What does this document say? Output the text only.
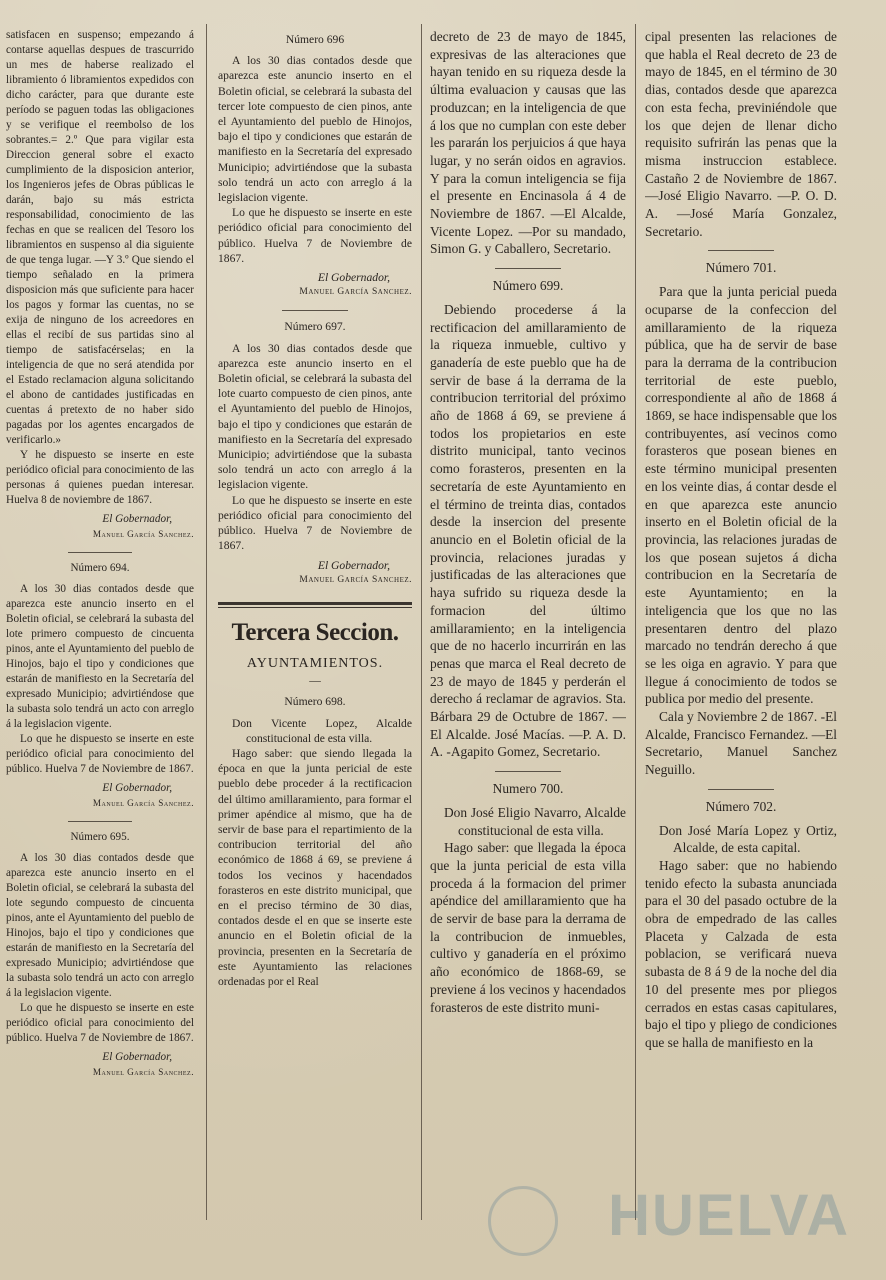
satisfacen en suspenso; empezando á contarse aquellas despues de trascurrido un mes de haberse realizado el libramiento ó libramientos expedidos con dicho carácter, para que durante este período se paguen todas las obligaciones y se verifique el reembolso de los sobrantes.= 2.º Que para vigilar esta Direccion general sobre el exacto cumplimiento de la disposicion anterior, los Ingenieros jefes de Obras públicas le darán, bajo su más estricta responsabilidad, conocimiento de las fechas en que se realicen del Tesoro los libramientos en suspenso al dia siguiente de que tenga lugar. —Y 3.º Que siendo el tiempo señalado en la primera disposicion más que suficiente para hacer los pagos y formar las cuentas, no se exija de ninguno de los acreedores en ellas el recibí de sus partidas sino al tiempo de satisfacérselas; en la inteligencia de que no será atendida por el Estado reclamacion alguna solicitando el abono de cantidades justificadas en cuentas á pretexto de no haber sido pagadas por los agentes encargados de verificarlo.»

Y he dispuesto se inserte en este periódico oficial para conocimiento de las personas á quienes puedan interesar. Huelva 8 de noviembre de 1867.

El Gobernador,

Manuel García Sanchez.

Número 694.

A los 30 dias contados desde que aparezca este anuncio inserto en el Boletin oficial, se celebrará la subasta del lote primero compuesto de cincuenta pinos, ante el Ayuntamiento del pueblo de Hinojos, bajo el tipo y condiciones que estarán de manifiesto en la Secretaría del expresado Municipio; advirtiéndose que la subasta solo tendrá un acto con arreglo á la legislacion vigente.

Lo que he dispuesto se inserte en este periódico oficial para conocimiento del público. Huelva 7 de Noviembre de 1867.

El Gobernador,

Manuel García Sanchez.

Número 695.

A los 30 dias contados desde que aparezca este anuncio inserto en el Boletin oficial, se celebrará la subasta del lote segundo compuesto de cincuenta pinos, ante el Ayuntamiento del pueblo de Hinojos, bajo el tipo y condiciones que estarán de manifiesto en la Secretaría del expresado Municipio; advirtiéndose que la subasta solo tendrá un acto con arreglo á la legislacion vigente.

Lo que he dispuesto se inserte en este periódico oficial para conocimiento del público. Huelva 7 de Noviembre de 1867.

El Gobernador,

Manuel García Sanchez.

Número 696

A los 30 dias contados desde que aparezca este anuncio inserto en el Boletin oficial, se celebrará la subasta del tercer lote compuesto de cien pinos, ante el Ayuntamiento del pueblo de Hinojos, bajo el tipo y condiciones que estarán de manifiesto en la Secretaría del expresado Municipio; advirtiéndose que la subasta solo tendrá un acto con arreglo á la legislacion vigente.

Lo que he dispuesto se inserte en este periódico oficial para conocimiento del público. Huelva 7 de Noviembre de 1867.

El Gobernador,

Manuel García Sanchez.

Número 697.

A los 30 dias contados desde que aparezca este anuncio inserto en el Boletin oficial, se celebrará la subasta del lote cuarto compuesto de cien pinos, ante el Ayuntamiento del pueblo de Hinojos, bajo el tipo y condiciones que estarán de manifiesto en la Secretaría del expresado Municipio; advirtiéndose que la subasta solo tendrá un acto con arreglo á la legislacion vigente.

Lo que he dispuesto se inserte en este periódico oficial para conocimiento del público. Huelva 7 de Noviembre de 1867.

El Gobernador,

Manuel García Sanchez.

Tercera Seccion.

AYUNTAMIENTOS.

—

Número 698.

Don Vicente Lopez, Alcalde constitucional de esta villa.

Hago saber: que siendo llegada la época en que la junta pericial de este pueblo debe proceder á la rectificacion del último amillaramiento, para formar el primer apéndice al mismo, que ha de servir de base para el repartimiento de la contribucion territorial del año económico de 1868 á 69, se previene á todos los vecinos y hacendados forasteros en este distrito municipal, que en el preciso término de 30 dias, contados desde el en que se inserte este anuncio en el Boletin oficial de la provincia, presenten en la Secretaría de este Ayuntamiento las relaciones ordenadas por el Real

decreto de 23 de mayo de 1845, expresivas de las alteraciones que hayan tenido en su riqueza desde la última evaluacion y causas que las produzcan; en la inteligencia de que á los que no cumplan con este deber les pararán los perjuicios á que haya lugar, y no serán oidos en agravios. Y para la comun inteligencia se fija el presente en Encinasola á 4 de Noviembre de 1867. —El Alcalde, Vicente Lopez. —Por su mandado, Simon G. y Caballero, Secretario.

Número 699.

Debiendo procederse á la rectificacion del amillaramiento de la riqueza inmueble, cultivo y ganadería de este pueblo que ha de servir de base á la derrama de la contribucion territorial del próximo año de 1868 á 69, se previene á todos los propietarios en este distrito municipal, tanto vecinos como forasteros, presenten en la secretaría de este Ayuntamiento en el término de treinta dias, contados desde la insercion del presente anuncio en el Boletin oficial de la provincia, relaciones juradas y justificadas de las alteraciones que haya sufrido su riqueza desde la formacion del último amillaramiento; en la inteligencia que de no hacerlo incurrirán en las penas que marca el Real decreto de 23 de mayo de 1845 y perderán el derecho á reclamar de agravios. Sta. Bárbara 29 de Octubre de 1867. —El Alcalde. José Macías. —P. A. D. A. -Agapito Gomez, Secretario.

Numero 700.

Don José Eligio Navarro, Alcalde constitucional de esta villa.

Hago saber: que llegada la época que la junta pericial de esta villa proceda á la formacion del primer apéndice del amillaramiento que ha de servir de base para la derrama de la contribucion de inmuebles, cultivo y ganadería en el próximo año económico de 1868-69, se previene á los vecinos y hacendados forasteros de este distrito muni-

cipal presenten las relaciones de que habla el Real decreto de 23 de mayo de 1845, en el término de 30 dias, contados desde que aparezca con esta fecha, previniéndole que los que dejen de llenar dicho requisito sufrirán las penas que la misma instruccion establece. Castaño 2 de Noviembre de 1867. —José Eligio Navarro. —P. O. D. A. —José María Gonzalez, Secretario.

Número 701.

Para que la junta pericial pueda ocuparse de la confeccion del amillaramiento de la riqueza pública, que ha de servir de base para la derrama de la contribucion territorial de este pueblo, correspondiente al año de 1868 á 1869, se hace indispensable que los contribuyentes, así vecinos como forasteros que posean bienes en este término municipal presenten en los veinte dias, á contar desde el en que aparezca este anuncio inserto en el Boletin oficial de la provincia, las relaciones juradas de los que posean sujetos á dicha contribucion en la Secretaría de este Ayuntamiento; en la inteligencia que los que no las presentaren dentro del plazo marcado no tendrán derecho á que se les oiga en agravio. Y para que llegue á conocimiento de todos se publica por medio del presente.

Cala y Noviembre 2 de 1867. -El Alcalde, Francisco Fernandez. —El Secretario, Manuel Sanchez Neguillo.

Número 702.

Don José María Lopez y Ortiz, Alcalde, de esta capital.

Hago saber: que no habiendo tenido efecto la subasta anunciada para el 30 del pasado octubre de la obra de empedrado de las calles Placeta y Calzada de esta poblacion, se verificará nueva subasta de 8 á 9 de la noche del dia 10 del presente mes por pliegos cerrados en estas casas capitulares, bajo el tipo y pliego de condiciones que se halla de manifiesto en la

HUELVA
